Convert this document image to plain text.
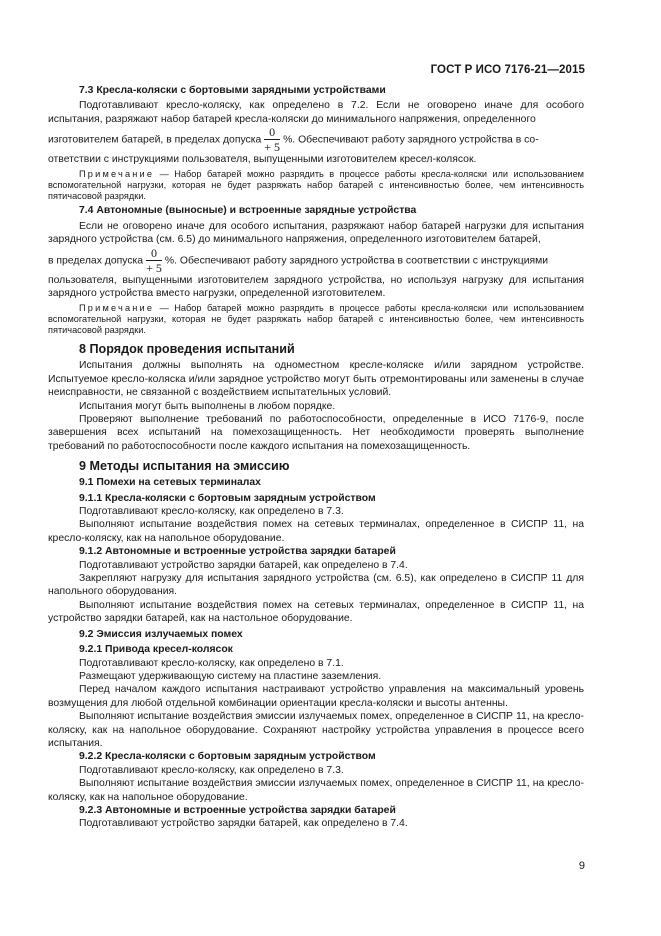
ГОСТ Р ИСО 7176-21—2015

7.3 Кресла-коляски с бортовыми зарядными устройствами

Подготавливают кресло-коляску, как определено в 7.2. Если не оговорено иначе для особого испытания, разряжают набор батарей кресла-коляски до минимального напряжения, определенного

изготовителем батарей, в пределах допуска $\frac{0}{+ 5}$ %. Обеспечивают работу зарядного устройства в со-

ответствии с инструкциями пользователя, выпущенными изготовителем кресел-колясок.

Примечание — Набор батарей можно разрядить в процессе работы кресла-коляски или использованием вспомогательной нагрузки, которая не будет разряжать набор батарей с интенсивностью более, чем интенсивность пятичасовой разрядки.

7.4 Автономные (выносные) и встроенные зарядные устройства

Если не оговорено иначе для особого испытания, разряжают набор батарей нагрузки для испытания зарядного устройства (см. 6.5) до минимального напряжения, определенного изготовителем батарей,

в пределах допуска $\frac{0}{+ 5}$ %. Обеспечивают работу зарядного устройства в соответствии с инструкциями

пользователя, выпущенными изготовителем зарядного устройства, но используя нагрузку для испытания зарядного устройства вместо нагрузки, определенной изготовителем.

Примечание — Набор батарей можно разрядить в процессе работы кресла-коляски или использованием вспомогательной нагрузки, которая не будет разряжать набор батарей с интенсивностью более, чем интенсивность пятичасовой разрядки.

8 Порядок проведения испытаний

Испытания должны выполнять на одноместном кресле-коляске и/или зарядном устройстве. Испытуемое кресло-коляска и/или зарядное устройство могут быть отремонтированы или заменены в случае неисправности, не связанной с воздействием испытательных условий.

Испытания могут быть выполнены в любом порядке.

Проверяют выполнение требований по работоспособности, определенные в ИСО 7176-9, после завершения всех испытаний на помехозащищенность. Нет необходимости проверять выполнение требований по работоспособности после каждого испытания на помехозащищенность.

9 Методы испытания на эмиссию

9.1 Помехи на сетевых терминалах

9.1.1 Кресла-коляски с бортовым зарядным устройством

Подготавливают кресло-коляску, как определено в 7.3.

Выполняют испытание воздействия помех на сетевых терминалах, определенное в СИСПР 11, на кресло-коляску, как на напольное оборудование.

9.1.2 Автономные и встроенные устройства зарядки батарей

Подготавливают устройство зарядки батарей, как определено в 7.4.

Закрепляют нагрузку для испытания зарядного устройства (см. 6.5), как определено в СИСПР 11 для напольного оборудования.

Выполняют испытание воздействия помех на сетевых терминалах, определенное в СИСПР 11, на устройство зарядки батарей, как на настольное оборудование.

9.2 Эмиссия излучаемых помех

9.2.1 Привода кресел-колясок

Подготавливают кресло-коляску, как определено в 7.1.

Размещают удерживающую систему на пластине заземления.

Перед началом каждого испытания настраивают устройство управления на максимальный уровень возмущения для любой отдельной комбинации ориентации кресла-коляски и высоты антенны.

Выполняют испытание воздействия эмиссии излучаемых помех, определенное в СИСПР 11, на кресло-коляску, как на напольное оборудование. Сохраняют настройку устройства управления в процессе всего испытания.

9.2.2 Кресла-коляски с бортовым зарядным устройством

Подготавливают кресло-коляску, как определено в 7.3.

Выполняют испытание воздействия эмиссии излучаемых помех, определенное в СИСПР 11, на кресло-коляску, как на напольное оборудование.

9.2.3 Автономные и встроенные устройства зарядки батарей

Подготавливают устройство зарядки батарей, как определено в 7.4.

9
